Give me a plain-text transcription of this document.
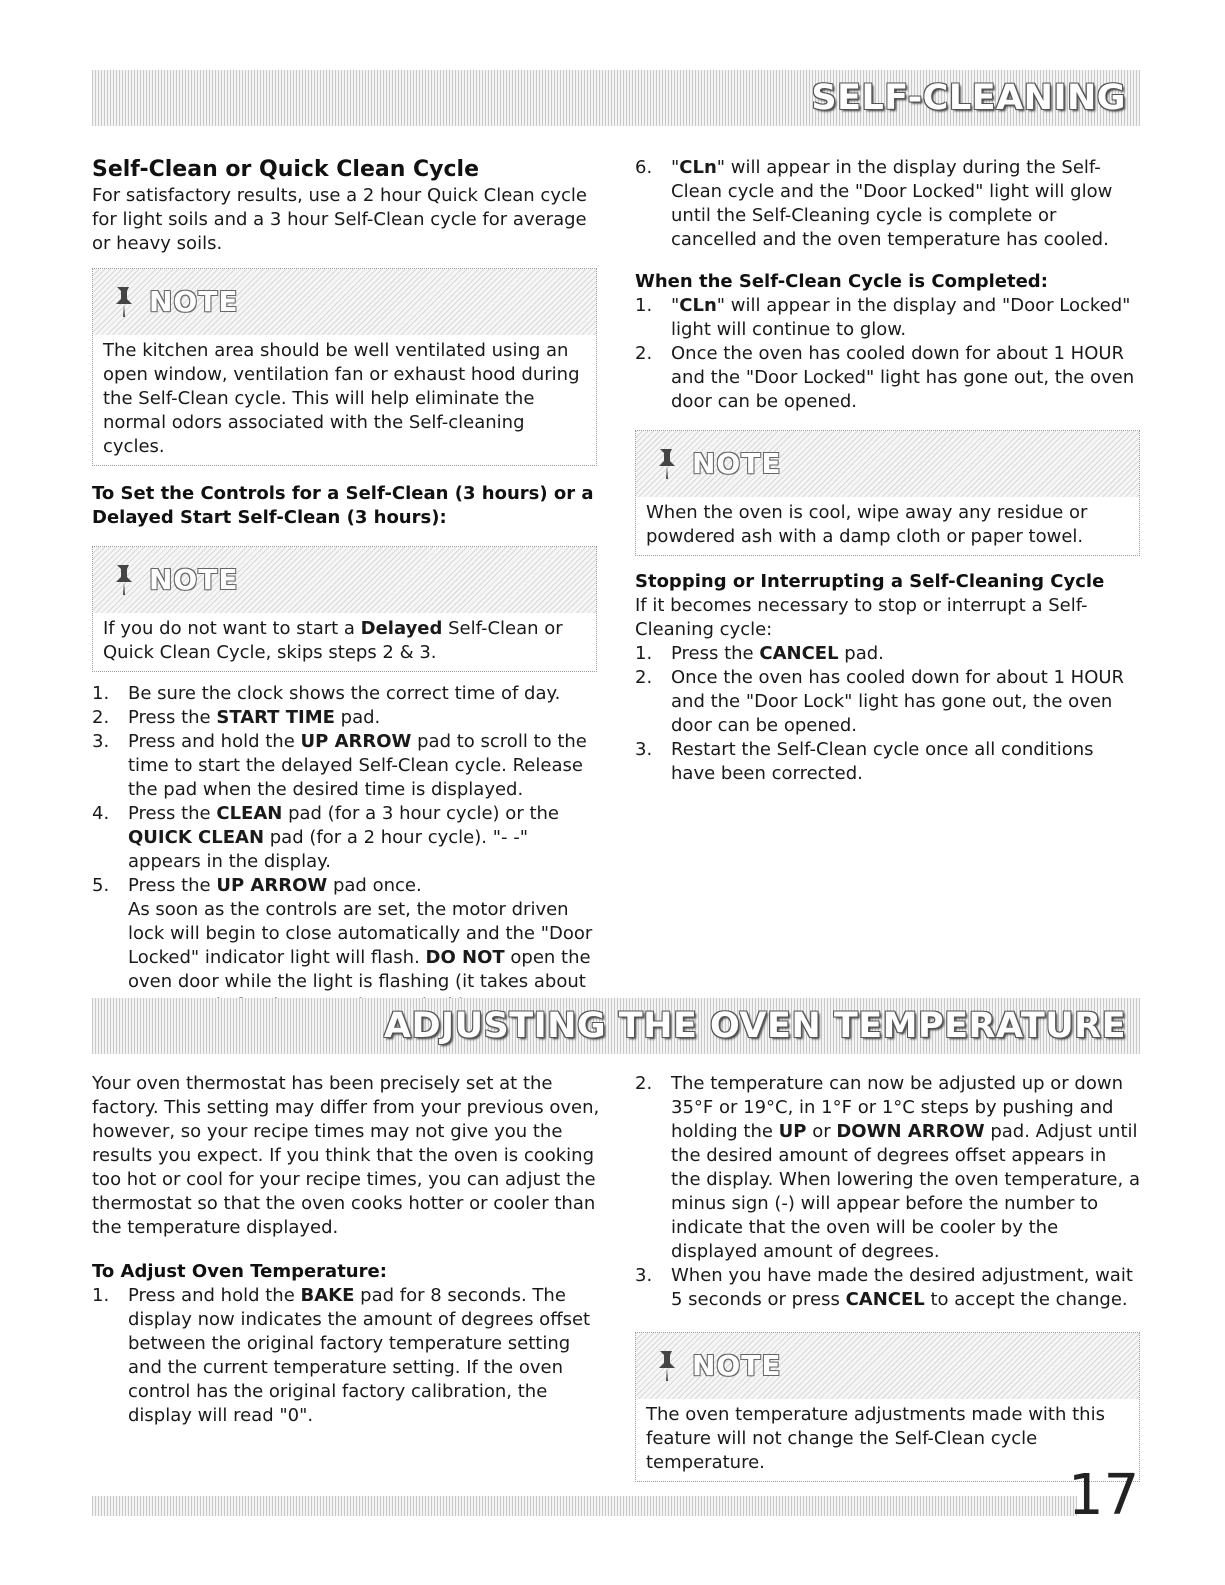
SELF-CLEANING

Self-Clean or Quick Clean Cycle

For satisfactory results, use a 2 hour Quick Clean cycle for light soils and a 3 hour Self-Clean cycle for average or heavy soils.

NOTE
The kitchen area should be well ventilated using an open window, ventilation fan or exhaust hood during the Self-Clean cycle. This will help eliminate the normal odors associated with the Self-cleaning cycles.

To Set the Controls for a Self-Clean (3 hours) or a Delayed Start Self-Clean (3 hours):

NOTE
If you do not want to start a Delayed Self-Clean or Quick Clean Cycle, skips steps 2 & 3.
1. Be sure the clock shows the correct time of day.
2. Press the START TIME pad.
3. Press and hold the UP ARROW pad to scroll to the time to start the delayed Self-Clean cycle. Release the pad when the desired time is displayed.
4. Press the CLEAN pad (for a 3 hour cycle) or the QUICK CLEAN pad (for a 2 hour cycle). "- -" appears in the display.
5. Press the UP ARROW pad once.
As soon as the controls are set, the motor driven lock will begin to close automatically and the "Door Locked" indicator light will flash. DO NOT open the oven door while the light is flashing (it takes about
6. "CLn" will appear in the display during the Self-Clean cycle and the "Door Locked" light will glow until the Self-Cleaning cycle is complete or cancelled and the oven temperature has cooled.

When the Self-Clean Cycle is Completed:

1. "CLn" will appear in the display and "Door Locked" light will continue to glow.
2. Once the oven has cooled down for about 1 HOUR and the "Door Locked" light has gone out, the oven door can be opened.
NOTE
When the oven is cool, wipe away any residue or powdered ash with a damp cloth or paper towel.

Stopping or Interrupting a Self-Cleaning Cycle

If it becomes necessary to stop or interrupt a Self-Cleaning cycle:

1. Press the CANCEL pad.
2. Once the oven has cooled down for about 1 HOUR and the "Door Lock" light has gone out, the oven door can be opened.
3. Restart the Self-Clean cycle once all conditions have been corrected.
ADJUSTING THE OVEN TEMPERATURE

Your oven thermostat has been precisely set at the factory. This setting may differ from your previous oven, however, so your recipe times may not give you the results you expect. If you think that the oven is cooking too hot or cool for your recipe times, you can adjust the thermostat so that the oven cooks hotter or cooler than the temperature displayed.

To Adjust Oven Temperature:

1. Press and hold the BAKE pad for 8 seconds. The display now indicates the amount of degrees offset between the original factory temperature setting and the current temperature setting. If the oven control has the original factory calibration, the display will read "0".
2. The temperature can now be adjusted up or down 35°F or 19°C, in 1°F or 1°C steps by pushing and holding the UP or DOWN ARROW pad. Adjust until the desired amount of degrees offset appears in the display. When lowering the oven temperature, a minus sign (-) will appear before the number to indicate that the oven will be cooler by the displayed amount of degrees.
3. When you have made the desired adjustment, wait 5 seconds or press CANCEL to accept the change.
NOTE
The oven temperature adjustments made with this feature will not change the Self-Clean cycle temperature.
17
